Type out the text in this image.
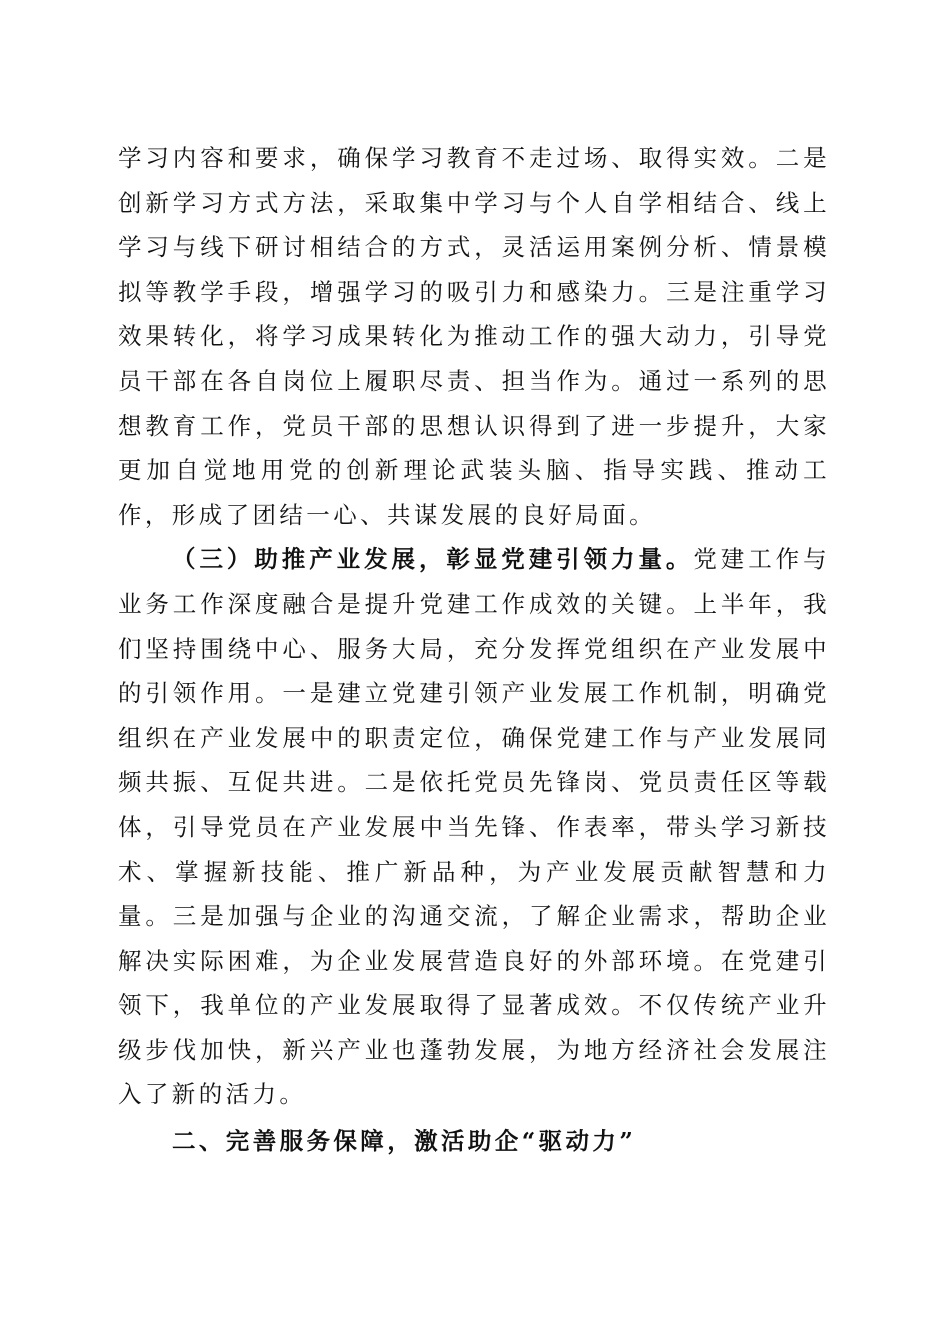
学习内容和要求，确保学习教育不走过场、取得实效。二是创新学习方式方法，采取集中学习与个人自学相结合、线上学习与线下研讨相结合的方式，灵活运用案例分析、情景模拟等教学手段，增强学习的吸引力和感染力。三是注重学习效果转化，将学习成果转化为推动工作的强大动力，引导党员干部在各自岗位上履职尽责、担当作为。通过一系列的思想教育工作，党员干部的思想认识得到了进一步提升，大家更加自觉地用党的创新理论武装头脑、指导实践、推动工作，形成了团结一心、共谋发展的良好局面。

（三）助推产业发展，彰显党建引领力量。党建工作与业务工作深度融合是提升党建工作成效的关键。上半年，我们坚持围绕中心、服务大局，充分发挥党组织在产业发展中的引领作用。一是建立党建引领产业发展工作机制，明确党组织在产业发展中的职责定位，确保党建工作与产业发展同频共振、互促共进。二是依托党员先锋岗、党员责任区等载体，引导党员在产业发展中当先锋、作表率，带头学习新技术、掌握新技能、推广新品种，为产业发展贡献智慧和力量。三是加强与企业的沟通交流，了解企业需求，帮助企业解决实际困难，为企业发展营造良好的外部环境。在党建引领下，我单位的产业发展取得了显著成效。不仅传统产业升级步伐加快，新兴产业也蓬勃发展，为地方经济社会发展注入了新的活力。

二、完善服务保障，激活助企“驱动力”
